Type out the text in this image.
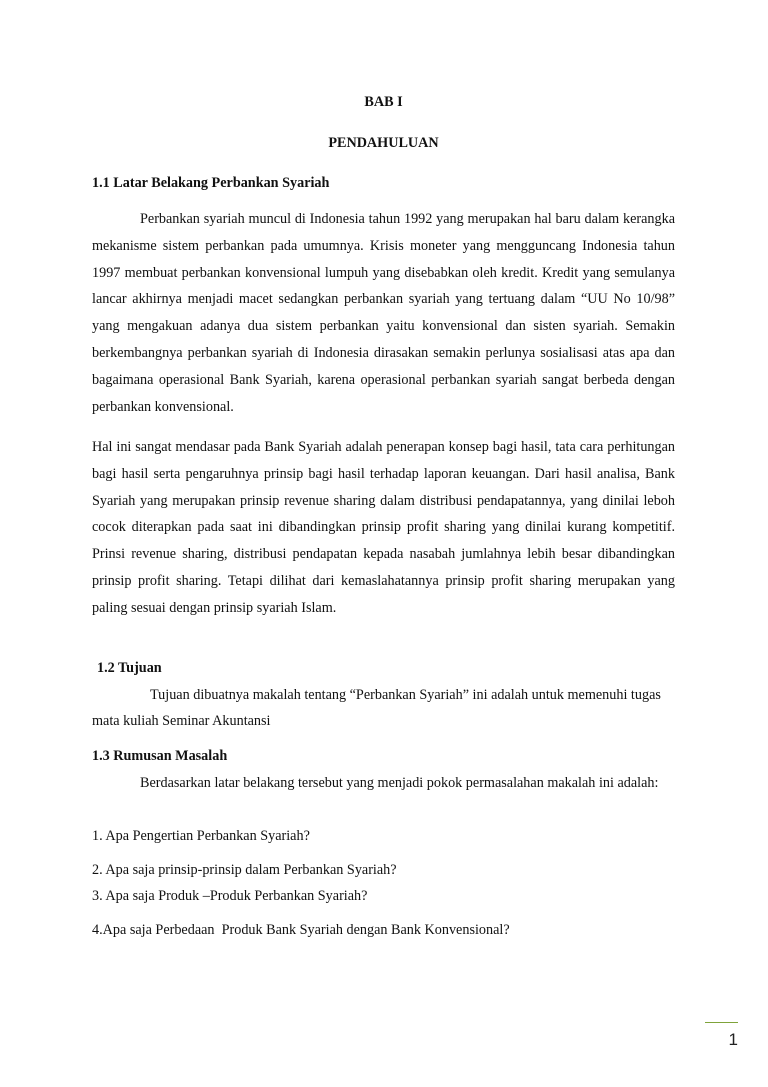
BAB I
PENDAHULUAN
1.1 Latar Belakang Perbankan Syariah
Perbankan syariah muncul di Indonesia tahun 1992 yang merupakan hal baru dalam kerangka mekanisme sistem perbankan pada umumnya. Krisis moneter yang mengguncang Indonesia tahun 1997 membuat perbankan konvensional lumpuh yang disebabkan oleh kredit. Kredit yang semulanya lancar akhirnya menjadi macet sedangkan perbankan syariah yang tertuang dalam “UU No 10/98” yang mengakuan adanya dua sistem perbankan yaitu konvensional dan sisten syariah. Semakin berkembangnya perbankan syariah di Indonesia dirasakan semakin perlunya sosialisasi atas apa dan bagaimana operasional Bank Syariah, karena operasional perbankan syariah sangat berbeda dengan perbankan konvensional.
Hal ini sangat mendasar pada Bank Syariah adalah penerapan konsep bagi hasil, tata cara perhitungan bagi hasil serta pengaruhnya prinsip bagi hasil terhadap laporan keuangan. Dari hasil analisa, Bank Syariah yang merupakan prinsip revenue sharing dalam distribusi pendapatannya, yang dinilai leboh cocok diterapkan pada saat ini dibandingkan prinsip profit sharing yang dinilai kurang kompetitif. Prinsi revenue sharing, distribusi pendapatan kepada nasabah jumlahnya lebih besar dibandingkan prinsip profit sharing. Tetapi dilihat dari kemaslahatannya prinsip profit sharing merupakan yang paling sesuai dengan prinsip syariah Islam.
1.2 Tujuan
Tujuan dibuatnya makalah tentang “Perbankan Syariah” ini adalah untuk memenuhi tugas mata kuliah Seminar Akuntansi
1.3 Rumusan Masalah
Berdasarkan latar belakang tersebut yang menjadi pokok permasalahan makalah ini adalah:
1. Apa Pengertian Perbankan Syariah?
2. Apa saja prinsip-prinsip dalam Perbankan Syariah?
3. Apa saja Produk –Produk Perbankan Syariah?
4.Apa saja Perbedaan  Produk Bank Syariah dengan Bank Konvensional?
1
